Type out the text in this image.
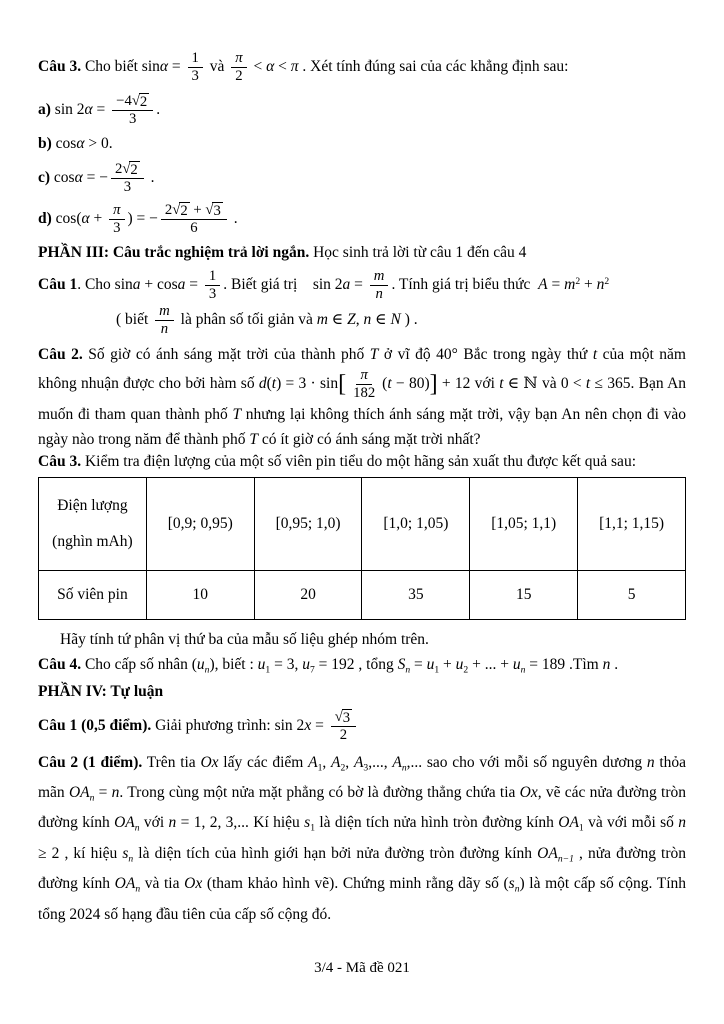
Câu 3. Cho biết $\sin\alpha = \frac{1}{3}$ và $\frac{\pi}{2} < \alpha < \pi$ . Xét tính đúng sai của các khẳng định sau:
a) $\sin 2\alpha = \frac{-4 √ 2}{3}$ .
b) cosα > 0.
c) cosα = − $\frac{2 √ 2}{3}$ .
d) $\cos(\alpha + \frac{\pi}{3}$ ) = − $\frac{2 √ 2 + √ 3}{6}$ .
PHẦN III: Câu trắc nghiệm trả lời ngắn. Học sinh trả lời từ câu 1 đến câu 4
Câu 1. Cho $\sin a + \cos a = \frac{1}{3}$ . Biết giá trị    $\sin 2a = \frac{m}{n}$ . Tính giá trị biểu thức  $A = m^2 + n^2$
( biết $\frac{m}{n}$ là phân số tối giản và m ∈ Z, n ∈ N ) .
Câu 2. Số giờ có ánh sáng mặt trời của thành phố T ở vĩ độ 40° Bắc trong ngày thứ t của một năm không nhuận được cho bởi hàm số $d(t) = 3 \cdot \sin[ \frac{\pi}{182} (t - 80)] + 12$ với t ∈ ℕ và 0 < t ≤ 365. Bạn An muốn đi tham quan thành phố T nhưng lại không thích ánh sáng mặt trời, vậy bạn An nên chọn đi vào ngày nào trong năm để thành phố T có ít giờ có ánh sáng mặt trời nhất?
Câu 3. Kiểm tra điện lượng của một số viên pin tiểu do một hãng sản xuất thu được kết quả sau:
Điện lượng
(nghìn mAh)	[0,9; 0,95)	[0,95; 1,0)	[1,0; 1,05)	[1,05; 1,1)	[1,1; 1,15)
Số viên pin	10	20	35	15	5
Hãy tính tứ phân vị thứ ba của mẫu số liệu ghép nhóm trên.
Câu 4. Cho cấp số nhân $(u_n)$, biết : $u_1 = 3$, $u_7 = 192$ , tổng $S_n = u_1 + u_2$ + ... + $u_n = 189$ .Tìm n .
PHẦN IV: Tự luận
Câu 1 (0,5 điểm). Giải phương trình: $\sin 2x = \frac{√ 3}{2}$
Câu 2 (1 điểm). Trên tia Ox lấy các điểm $A_1$, $A_2$, $A_3$,..., $A_n$,... sao cho với mỗi số nguyên dương n thỏa mãn $OA_n = n$. Trong cùng một nửa mặt phẳng có bờ là đường thẳng chứa tia Ox, vẽ các nửa đường tròn đường kính $OA_n$ với n = 1, 2, 3,... Kí hiệu $s_1$ là diện tích nửa hình tròn đường kính $OA_1$ và với mỗi số n ≥ 2 , kí hiệu $s_n$ là diện tích của hình giới hạn bởi nửa đường tròn đường kính $OA_{n-1}$ , nửa đường tròn đường kính $OA_n$ và tia Ox (tham khảo hình vẽ). Chứng minh rằng dãy số $(s_n)$ là một cấp số cộng. Tính tổng 2024 số hạng đầu tiên của cấp số cộng đó.
3/4 - Mã đề 021
